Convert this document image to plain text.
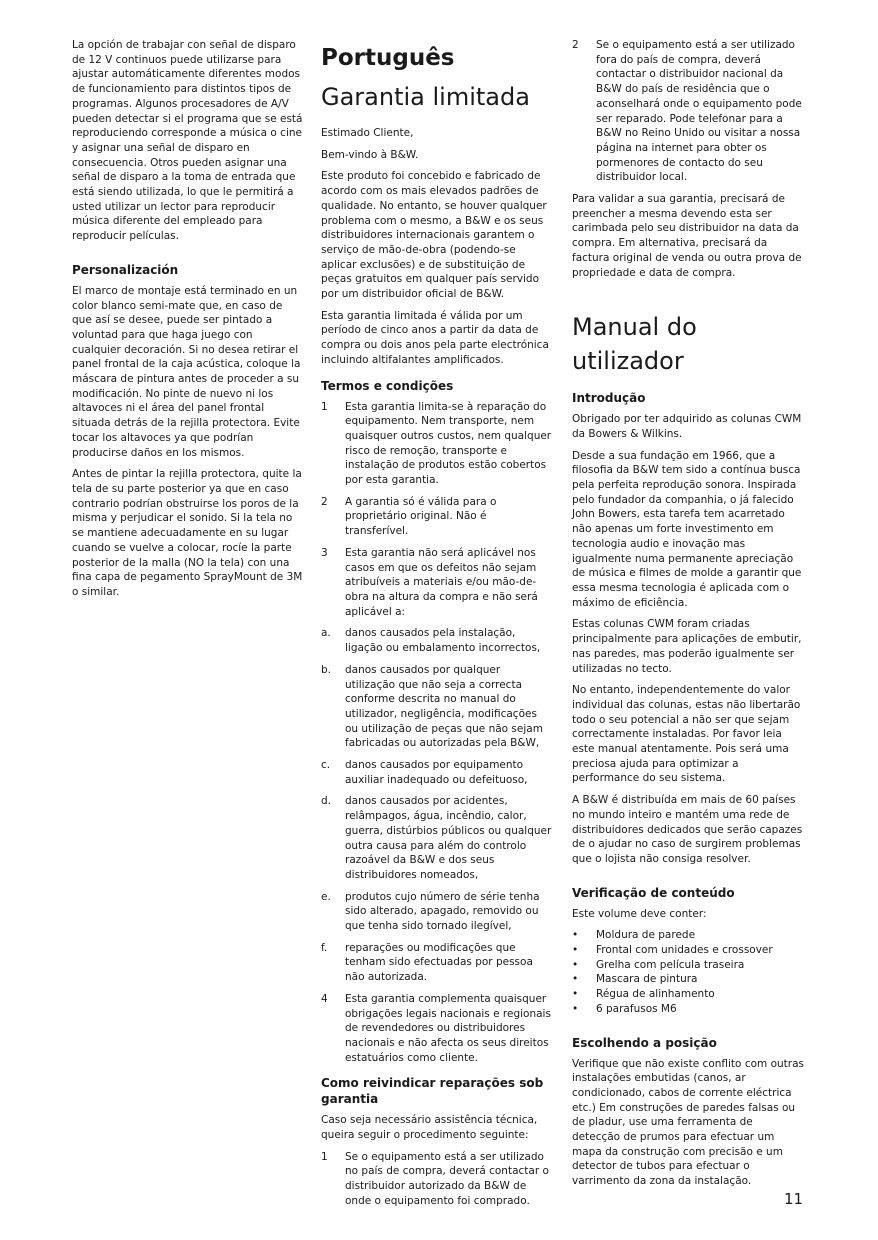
La opción de trabajar con señal de disparo de 12 V continuos puede utilizarse para ajustar automáticamente diferentes modos de funcionamiento para distintos tipos de programas. Algunos procesadores de A/V pueden detectar si el programa que se está reproduciendo corresponde a música o cine y asignar una señal de disparo en consecuencia. Otros pueden asignar una señal de disparo a la toma de entrada que está siendo utilizada, lo que le permitirá a usted utilizar un lector para reproducir música diferente del empleado para reproducir películas.

Personalización

El marco de montaje está terminado en un color blanco semi-mate que, en caso de que así se desee, puede ser pintado a voluntad para que haga juego con cualquier decoración. Si no desea retirar el panel frontal de la caja acústica, coloque la máscara de pintura antes de proceder a su modificación. No pinte de nuevo ni los altavoces ni el área del panel frontal situada detrás de la rejilla protectora. Evite tocar los altavoces ya que podrían producirse daños en los mismos.

Antes de pintar la rejilla protectora, quite la tela de su parte posterior ya que en caso contrario podrían obstruirse los poros de la misma y perjudicar el sonido. Si la tela no se mantiene adecuadamente en su lugar cuando se vuelve a colocar, rocíe la parte posterior de la malla (NO la tela) con una fina capa de pegamento SprayMount de 3M o similar.

Português
Garantia limitada

Estimado Cliente,

Bem-vindo à B&W.

Este produto foi concebido e fabricado de acordo com os mais elevados padrões de qualidade. No entanto, se houver qualquer problema com o mesmo, a B&W e os seus distribuidores internacionais garantem o serviço de mão-de-obra (podendo-se aplicar exclusões) e de substituição de peças gratuitos em qualquer país servido por um distribuidor oficial de B&W.

Esta garantia limitada é válida por um período de cinco anos a partir da data de compra ou dois anos pela parte electrónica incluindo altifalantes amplificados.

Termos e condições
1	Esta garantia limita-se à reparação do equipamento. Nem transporte, nem quaisquer outros custos, nem qualquer risco de remoção, transporte e instalação de produtos estão cobertos por esta garantia.
2	A garantia só é válida para o proprietário original. Não é transferível.
3	Esta garantia não será aplicável nos casos em que os defeitos não sejam atribuíveis a materiais e/ou mão-de-obra na altura da compra e não será aplicável a:
a.	danos causados pela instalação, ligação ou embalamento incorrectos,
b.	danos causados por qualquer utilização que não seja a correcta conforme descrita no manual do utilizador, negligência, modificações ou utilização de peças que não sejam fabricadas ou autorizadas pela B&W,
c.	danos causados por equipamento auxiliar inadequado ou defeituoso,
d.	danos causados por acidentes, relâmpagos, água, incêndio, calor, guerra, distúrbios públicos ou qualquer outra causa para além do controlo razoável da B&W e dos seus distribuidores nomeados,
e.	produtos cujo número de série tenha sido alterado, apagado, removido ou que tenha sido tornado ilegível,
f.	reparações ou modificações que tenham sido efectuadas por pessoa não autorizada.
4	Esta garantia complementa quaisquer obrigações legais nacionais e regionais de revendedores ou distribuidores nacionais e não afecta os seus direitos estatuários como cliente.
Como reivindicar reparações sob garantia

Caso seja necessário assistência técnica, queira seguir o procedimento seguinte:

1	Se o equipamento está a ser utilizado no país de compra, deverá contactar o distribuidor autorizado da B&W de onde o equipamento foi comprado.
2	Se o equipamento está a ser utilizado fora do país de compra, deverá contactar o distribuidor nacional da B&W do país de residência que o aconselhará onde o equipamento pode ser reparado. Pode telefonar para a B&W no Reino Unido ou visitar a nossa página na internet para obter os pormenores de contacto do seu distribuidor local.

Para validar a sua garantia, precisará de preencher a mesma devendo esta ser carimbada pelo seu distribuidor na data da compra. Em alternativa, precisará da factura original de venda ou outra prova de propriedade e data de compra.

Manual do utilizador
Introdução

Obrigado por ter adquirido as colunas CWM da Bowers & Wilkins.

Desde a sua fundação em 1966, que a filosofia da B&W tem sido a contínua busca pela perfeita reprodução sonora. Inspirada pelo fundador da companhia, o já falecido John Bowers, esta tarefa tem acarretado não apenas um forte investimento em tecnologia audio e inovação mas igualmente numa permanente apreciação de música e filmes de molde a garantir que essa mesma tecnologia é aplicada com o máximo de eficiência.

Estas colunas CWM foram criadas principalmente para aplicações de embutir, nas paredes, mas poderão igualmente ser utilizadas no tecto.

No entanto, independentemente do valor individual das colunas, estas não libertarão todo o seu potencial a não ser que sejam correctamente instaladas. Por favor leia este manual atentamente. Pois será uma preciosa ajuda para optimizar a performance do seu sistema.

A B&W é distribuída em mais de 60 países no mundo inteiro e mantém uma rede de distribuidores dedicados que serão capazes de o ajudar no caso de surgirem problemas que o lojista não consiga resolver.

Verificação de conteúdo

Este volume deve conter:

•	Moldura de parede
•	Frontal com unidades e crossover
•	Grelha com película traseira
•	Mascara de pintura
•	Régua de alinhamento
•	6 parafusos M6
Escolhendo a posição

Verifique que não existe conflito com outras instalações embutidas (canos, ar condicionado, cabos de corrente eléctrica etc.) Em construções de paredes falsas ou de pladur, use uma ferramenta de detecção de prumos para efectuar um mapa da construção com precisão e um detector de tubos para efectuar o varrimento da zona da instalação.

11
